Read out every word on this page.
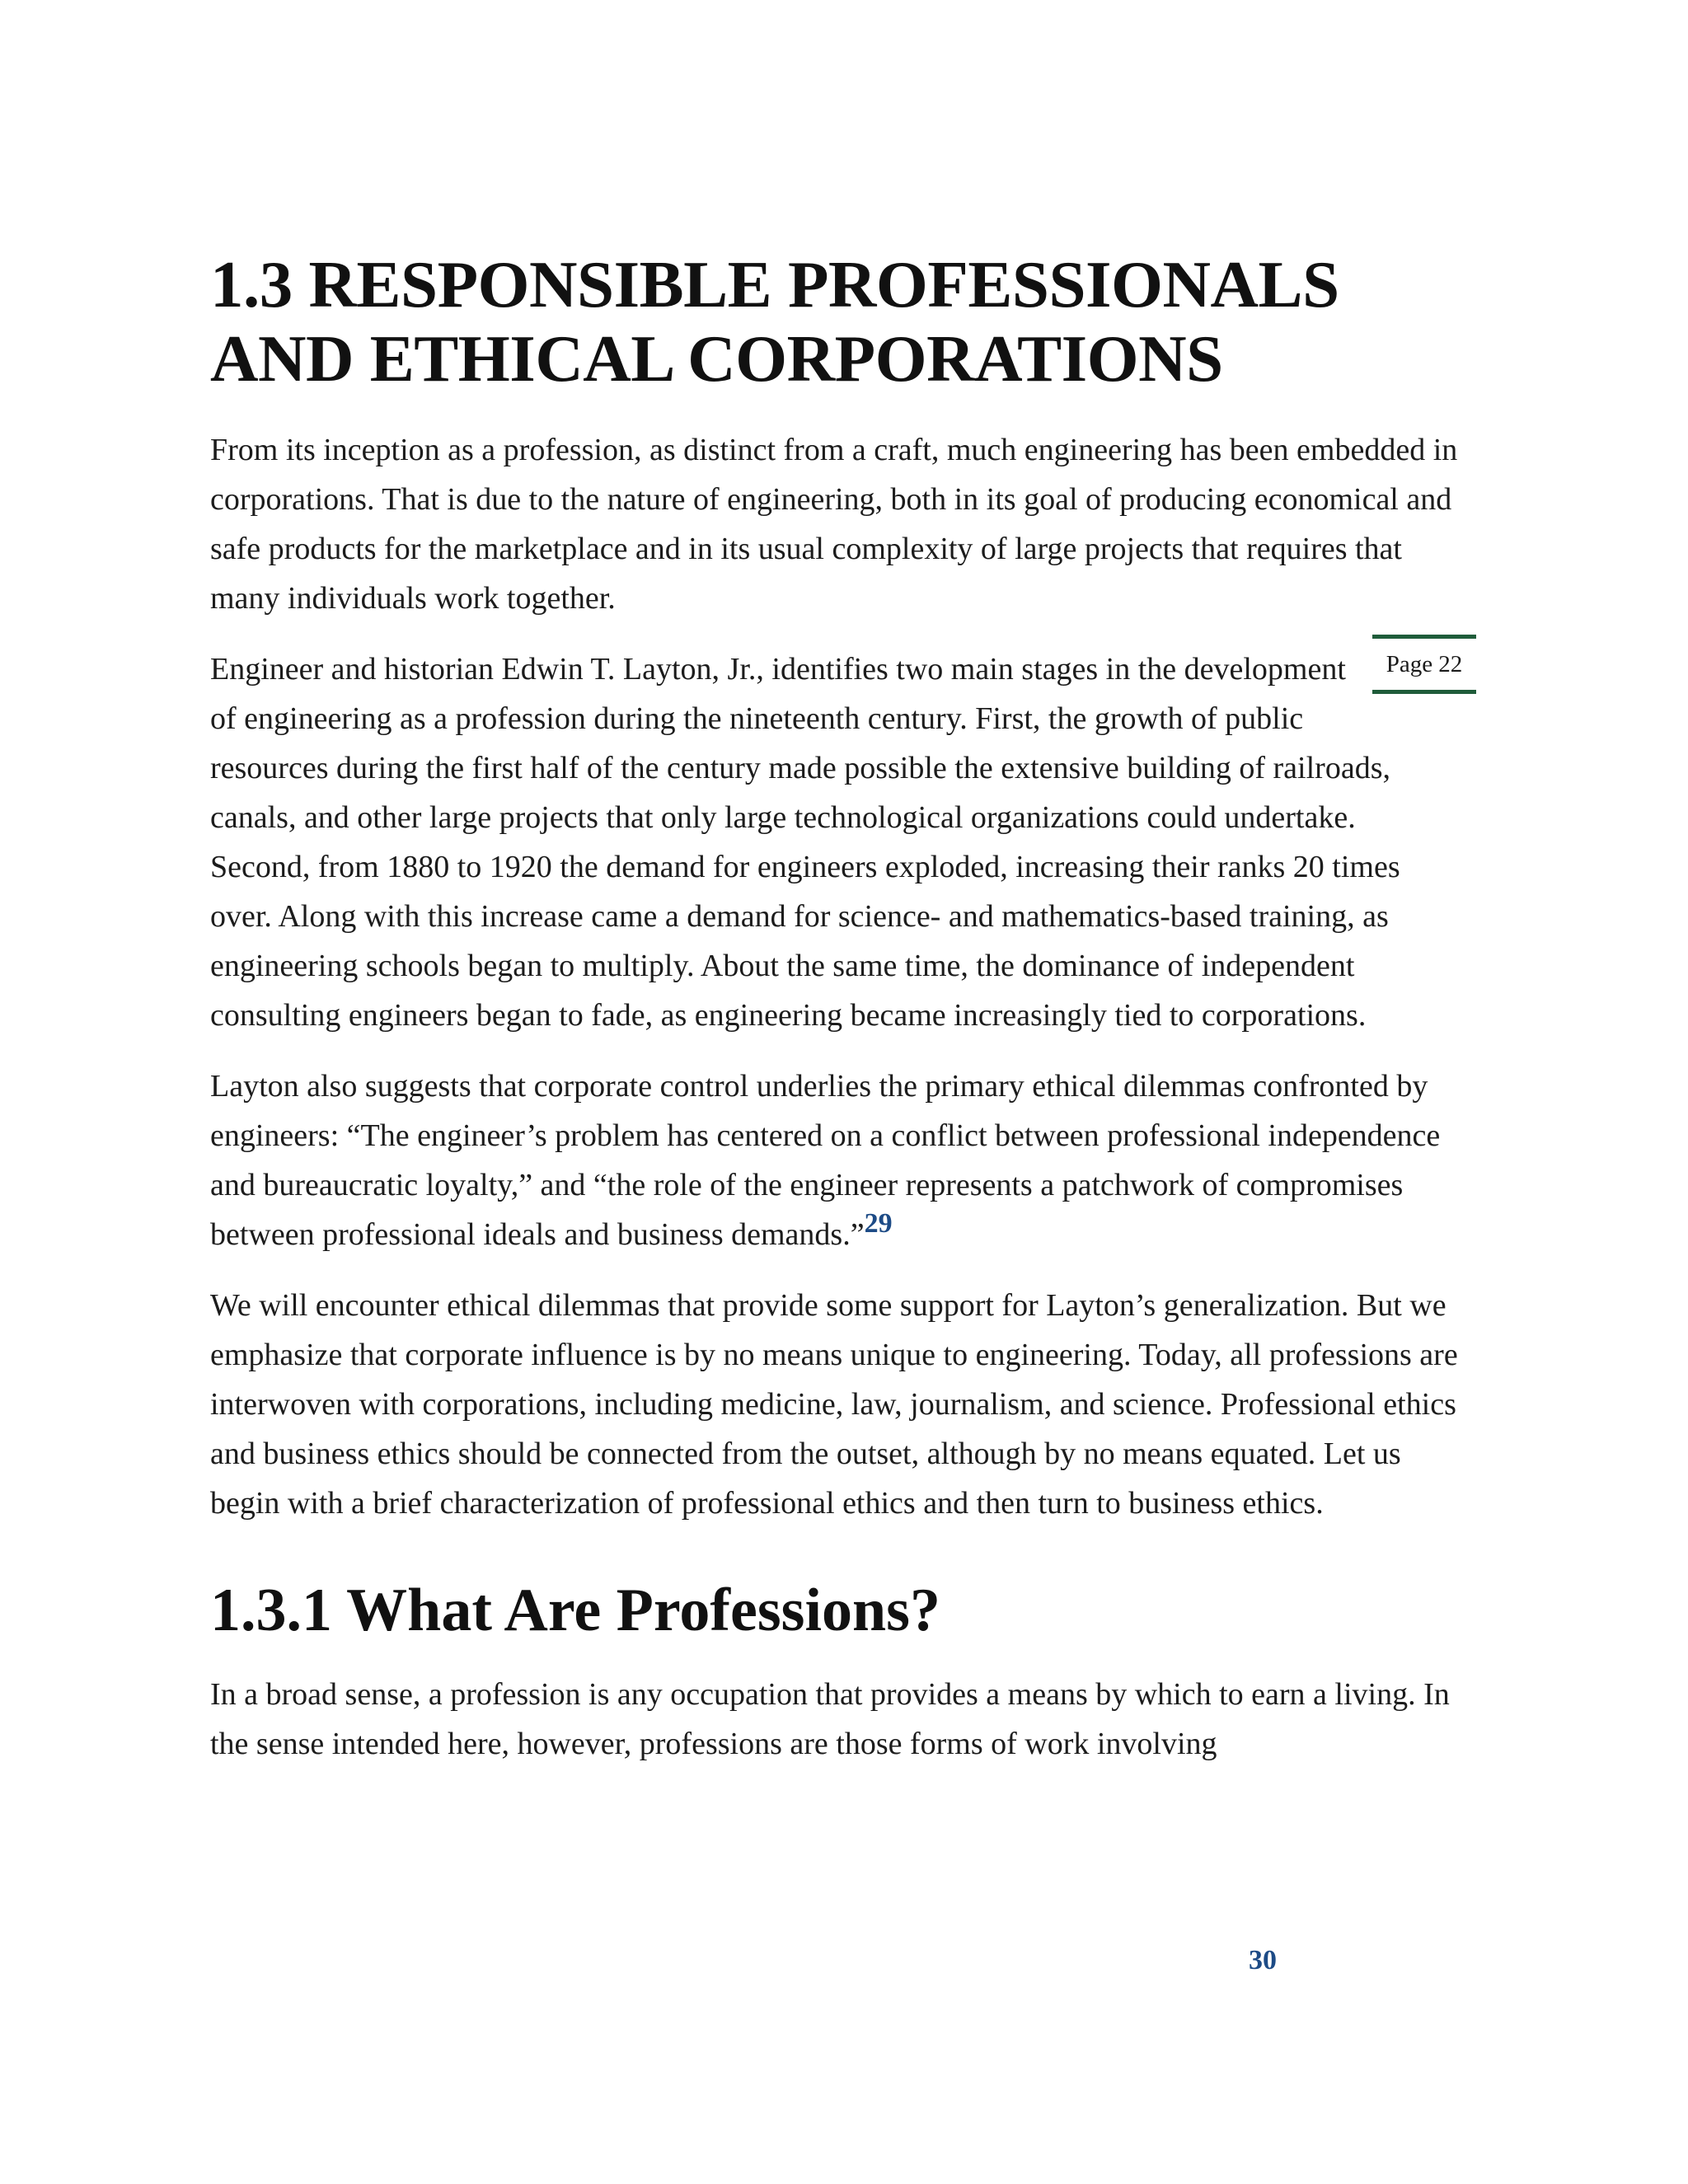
1.3 RESPONSIBLE PROFESSIONALS
AND ETHICAL CORPORATIONS

From its inception as a profession, as distinct from a craft, much engineering has been embedded in corporations. That is due to the nature of engineering, both in its goal of producing economical and safe products for the marketplace and in its usual complexity of large projects that requires that many individuals work together.

Page 22
Engineer and historian Edwin T. Layton, Jr., identifies two main stages in the development of engineering as a profession during the nineteenth century. First, the growth of public resources during the first half of the century made possible the extensive building of railroads, canals, and other large projects that only large technological organizations could undertake. Second, from 1880 to 1920 the demand for engineers exploded, increasing their ranks 20 times over. Along with this increase came a demand for science- and mathematics-based training, as engineering schools began to multiply. About the same time, the dominance of independent consulting engineers began to fade, as engineering became increasingly tied to corporations.

Layton also suggests that corporate control underlies the primary ethical dilemmas confronted by engineers: “The engineer’s problem has centered on a conflict between professional independence and bureaucratic loyalty,” and “the role of the engineer represents a patchwork of compromises between professional ideals and business demands.”29

We will encounter ethical dilemmas that provide some support for Layton’s generalization. But we emphasize that corporate influence is by no means unique to engineering. Today, all professions are interwoven with corporations, including medicine, law, journalism, and science. Professional ethics and business ethics should be connected from the outset, although by no means equated. Let us begin with a brief characterization of professional ethics and then turn to business ethics.

1.3.1 What Are Professions?

In a broad sense, a profession is any occupation that provides a means by which to earn a living. In the sense intended here, however, professions are those forms of work involving

30
